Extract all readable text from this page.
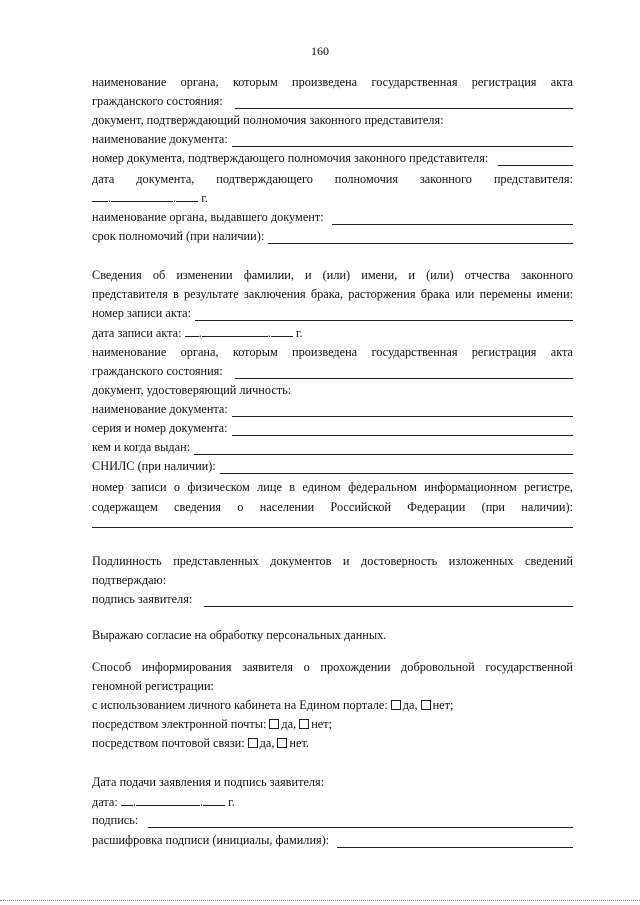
160
наименование органа, которым произведена государственная регистрация акта
гражданского состояния:
документ, подтверждающий полномочия законного представителя:
наименование документа:
номер документа, подтверждающего полномочия законного представителя:
дата документа, подтверждающего полномочия законного представителя:
.	. г.
наименование органа, выдавшего документ:
срок полномочий (при наличии):
Сведения об изменении фамилии, и (или) имени, и (или) отчества законного
представителя в результате заключения брака, расторжения брака или перемены имени:
номер записи акта:
дата записи акта: .	. г.
наименование органа, которым произведена государственная регистрация акта
гражданского состояния:
документ, удостоверяющий личность:
наименование документа:
серия и номер документа:
кем и когда выдан:
СНИЛС (при наличии):
номер записи о физическом лице в едином федеральном информационном регистре,
содержащем сведения о населении Российской Федерации (при наличии):
Подлинность представленных документов и достоверность изложенных сведений
подтверждаю:
подпись заявителя:
Выражаю согласие на обработку персональных данных.
Способ информирования заявителя о прохождении добровольной государственной
геномной регистрации:
с использованием личного кабинета на Едином портале: да, нет;
посредством электронной почты: да, нет;
посредством почтовой связи: да, нет.
Дата подачи заявления и подпись заявителя:
дата: .	. г.
подпись:
расшифровка подписи (инициалы, фамилия):
